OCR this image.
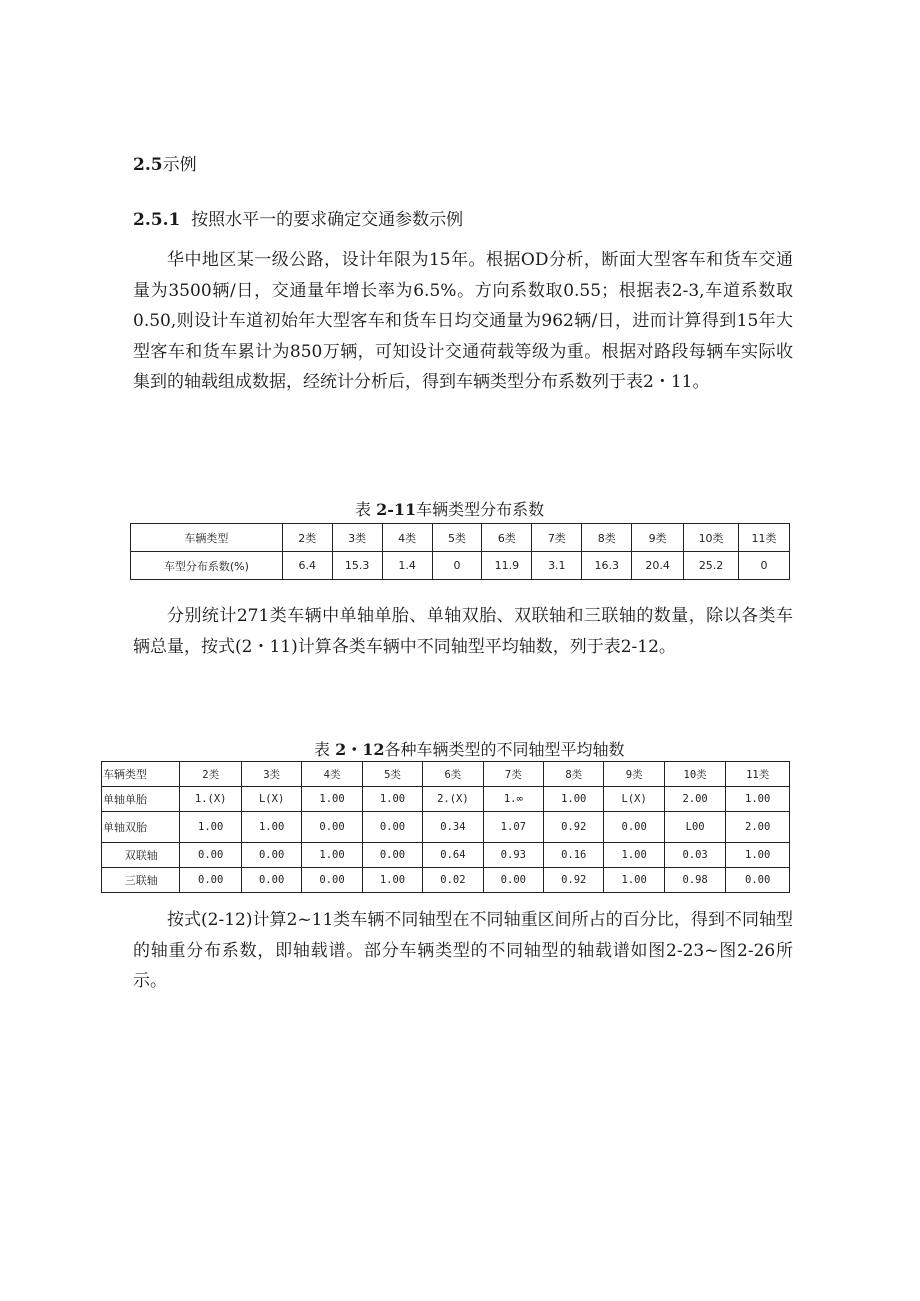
2.5示例
2.5.1 按照水平一的要求确定交通参数示例

华中地区某一级公路，设计年限为15年。根据OD分析，断面大型客车和货车交通量为3500辆/日，交通量年增长率为6.5%。方向系数取0.55；根据表2-3,车道系数取0.50,则设计车道初始年大型客车和货车日均交通量为962辆/日，进而计算得到15年大型客车和货车累计为850万辆，可知设计交通荷载等级为重。根据对路段每辆车实际收集到的轴载组成数据，经统计分析后，得到车辆类型分布系数列于表2・11。

表 2-11车辆类型分布系数
车辆类型	2类	3类	4类	5类	6类	7类	8类	9类	10类	11类
车型分布系数(%)	6.4	15.3	1.4	0	11.9	3.1	16.3	20.4	25.2	0

分别统计271类车辆中单轴单胎、单轴双胎、双联轴和三联轴的数量，除以各类车辆总量，按式(2・11)计算各类车辆中不同轴型平均轴数，列于表2-12。

表 2・12各种车辆类型的不同轴型平均轴数
车辆类型	2类	3类	4类	5类	6类	7类	8类	9类	10类	11类
单轴单胎	1.(X)	L(X)	1.00	1.00	2.(X)	1.∞	1.00	L(X)	2.00	1.00
单轴双胎	1.00	1.00	0.00	0.00	0.34	1.07	0.92	0.00	L00	2.00
双联轴	0.00	0.00	1.00	0.00	0.64	0.93	0.16	1.00	0.03	1.00
三联轴	0.00	0.00	0.00	1.00	0.02	0.00	0.92	1.00	0.98	0.00

按式(2-12)计算2~11类车辆不同轴型在不同轴重区间所占的百分比，得到不同轴型的轴重分布系数，即轴载谱。部分车辆类型的不同轴型的轴载谱如图2-23~图2-26所示。
